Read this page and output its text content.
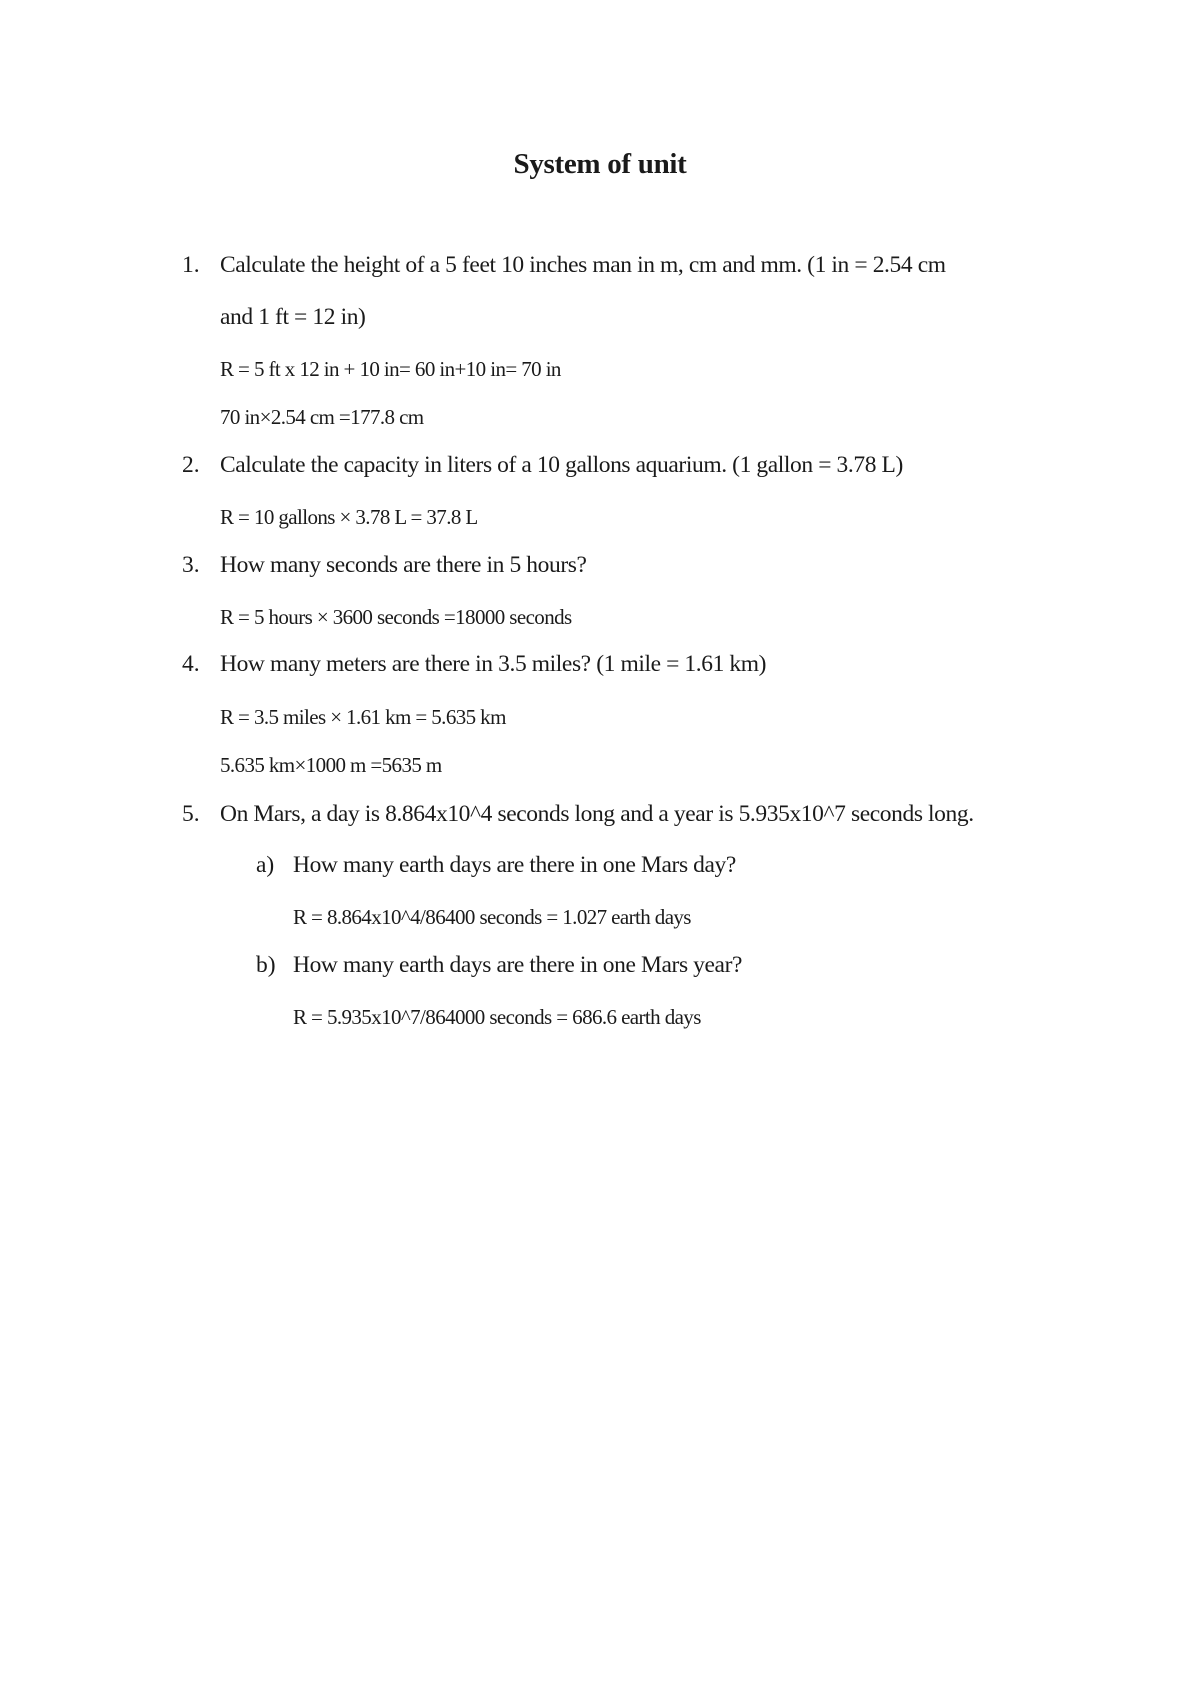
System of unit
1. Calculate the height of a 5 feet 10 inches man in m, cm and mm. (1 in = 2.54 cm
and 1 ft = 12 in)
R = 5 ft x 12 in + 10 in= 60 in+10 in= 70 in
70 in×2.54 cm =177.8 cm
2. Calculate the capacity in liters of a 10 gallons aquarium. (1 gallon = 3.78 L)
R = 10 gallons × 3.78 L = 37.8 L
3. How many seconds are there in 5 hours?
R = 5 hours × 3600 seconds =18000 seconds
4. How many meters are there in 3.5 miles? (1 mile = 1.61 km)
R = 3.5 miles × 1.61 km = 5.635 km
5.635 km×1000 m =5635 m
5. On Mars, a day is 8.864x10^4 seconds long and a year is 5.935x10^7 seconds long.
a) How many earth days are there in one Mars day?
R = 8.864x10^4/86400 seconds = 1.027 earth days
b) How many earth days are there in one Mars year?
R = 5.935x10^7/864000 seconds = 686.6 earth days
